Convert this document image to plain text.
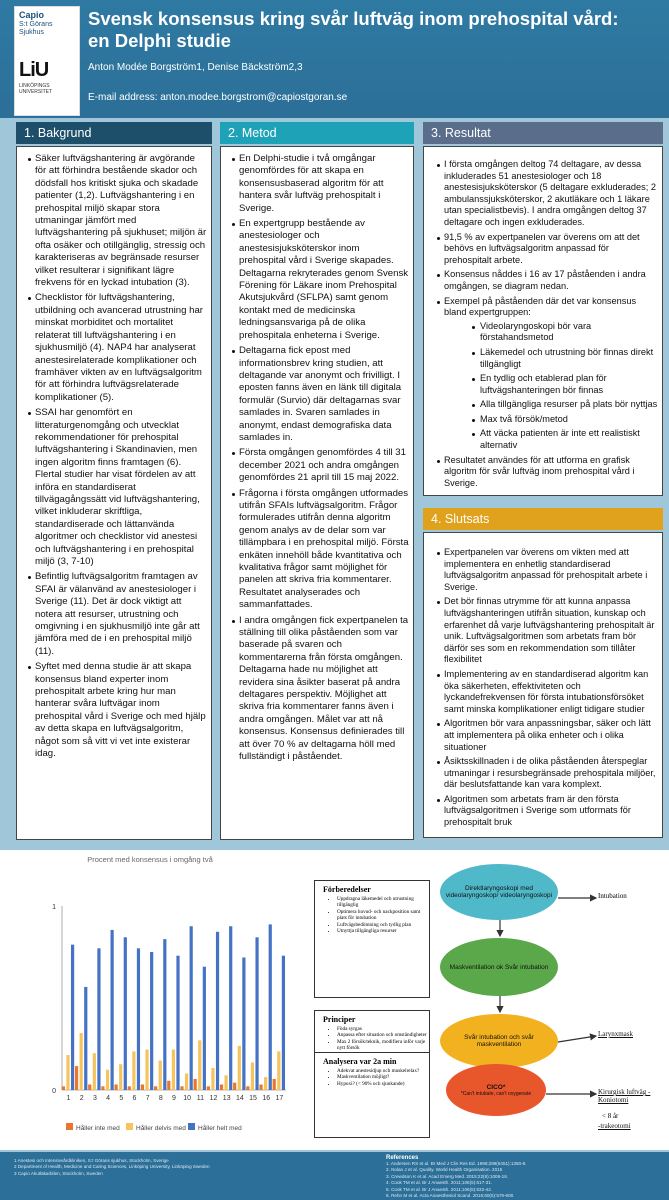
Capio
S:t Görans Sjukhus
LiU
LINKÖPINGS UNIVERSITET
Svensk konsensus kring svår luftväg inom prehospital vård:
en Delphi studie
Anton Modée Borgström1, Denise Bäckström2,3
E-mail address: anton.modee.borgstrom@capiostgoran.se
1. Bakgrund
Säker luftvägshantering är avgörande för att förhindra bestående skador och dödsfall hos kritiskt sjuka och skadade patienter (1,2). Luftvägshantering i en prehospital miljö skapar stora utmaningar jämfört med luftvägshantering på sjukhuset; miljön är ofta osäker och otillgänglig, stressig och karakteriseras av begränsade resurser vilket resulterar i signifikant lägre frekvens för en lyckad intubation (3).
Checklistor för luftvägshantering, utbildning och avancerad utrustning har minskat morbiditet och mortalitet relaterat till luftvägshantering i en sjukhusmiljö (4). NAP4 har analyserat anestesirelaterade komplikationer och framhäver vikten av en luftvägsalgoritm för att förhindra luftvägsrelaterade komplikationer (5).
SSAI har genomfört en litteraturgenomgång och utvecklat rekommendationer för prehospital luftvägshantering i Skandinavien, men ingen algoritm finns framtagen (6). Flertal studier har visat fördelen av att införa en standardiserat tillvägagångssätt vid luftvägshantering, vilket inkluderar skriftliga, standardiserade och lättanvända algoritmer och checklistor vid anestesi och luftvägshantering i en prehospital miljö (3, 7-10)
Befintlig luftvägsalgoritm framtagen av SFAI är välanvänd av anestesiologer i Sverige (11). Det är dock viktigt att notera att resurser, utrustning och omgivning i en sjukhusmiljö inte går att jämföra med de i en prehospital miljö (11).
Syftet med denna studie är att skapa konsensus bland experter inom prehospitalt arbete kring hur man hanterar svåra luftvägar inom prehospital vård i Sverige och med hjälp av detta skapa en luftvägsalgoritm, något som så vitt vi vet inte existerar idag.
2. Metod
En Delphi-studie i två omgångar genomfördes för att skapa en konsensusbaserad algoritm för att hantera svår luftväg prehospitalt i Sverige.
En expertgrupp bestående av anestesiologer och anestesisjuksköterskor inom prehospital vård i Sverige skapades. Deltagarna rekryterades genom Svensk Förening för Läkare inom Prehospital Akutsjukvård (SFLPA) samt genom kontakt med de medicinska ledningsansvariga på de olika prehospitala enheterna i Sverige.
Deltagarna fick epost med informationsbrev kring studien, att deltagande var anonymt och frivilligt. I eposten fanns även en länk till digitala formulär (Survio) där deltagarnas svar samlades in. Svaren samlades in anonymt, endast demografiska data samlades in.
Första omgången genomfördes 4 till 31 december 2021 och andra omgången genomfördes 21 april till 15 maj 2022.
Frågorna i första omgången utformades utifrån SFAIs luftvägsalgoritm. Frågor formulerades utifrån denna algoritm genom analys av de delar som var tillämpbara i en prehospital miljö. Första enkäten innehöll både kvantitativa och kvalitativa frågor samt möjlighet för panelen att skriva fria kommentarer. Resultatet analyserades och sammanfattades.
I andra omgången fick expertpanelen ta ställning till olika påståenden som var baserade på svaren och kommentarerna från första omgången. Deltagarna hade nu möjlighet att revidera sina åsikter baserat på andra deltagares perspektiv. Möjlighet att skriva fria kommentarer fanns även i andra omgången. Målet var att nå konsensus. Konsensus definierades till att över 70 % av deltagarna höll med fullständigt i påståendet.
3. Resultat
I första omgången deltog 74 deltagare, av dessa inkluderades 51 anestesiologer och 18 anestesisjuksköterskor (5 deltagare exkluderades; 2 ambulanssjuksköterskor, 2 akutläkare och 1 läkare utan specialistbevis). I andra omgången deltog 37 deltagare och ingen exkluderades.
91,5 % av expertpanelen var överens om att det behövs en luftvägsalgoritm anpassad för prehospitalt arbete.
Konsensus nåddes i 16 av 17 påståenden i andra omgången, se diagram nedan.
Exempel på påståenden där det var konsensus bland expertgruppen:
Videolaryngoskopi bör vara förstahandsmetod
Läkemedel och utrustning bör finnas direkt tillgängligt
En tydlig och etablerad plan för luftvägshanteringen bör finnas
Alla tillgängliga resurser på plats bör nyttjas
Max två försök/metod
Att väcka patienten är inte ett realistiskt alternativ
Resultatet användes för att utforma en grafisk algoritm för svår luftväg inom prehospital vård i Sverige.
4. Slutsats
Expertpanelen var överens om vikten med att implementera en enhetlig standardiserad luftvägsalgoritm anpassad för prehospitalt arbete i Sverige.
Det bör finnas utrymme för att kunna anpassa luftvägshanteringen utifrån situation, kunskap och erfarenhet då varje luftvägshantering prehospitalt är unik. Luftvägsalgoritmen som arbetats fram bör därför ses som en rekommendation som tillåter flexibilitet
Implementering av en standardiserad algoritm kan öka säkerheten, effektiviteten och lyckandefrekvensen för första intubationsförsöket samt minska komplikationer enligt tidigare studier
Algoritmen bör vara anpassningsbar, säker och lätt att implementera på olika enheter och i olika situationer
Åsiktsskillnaden i de olika påståenden återspeglar utmaningar i resursbegränsade prehospitala miljöer, där beslutsfattande kan vara komplext.
Algoritmen som arbetats fram är den första luftvägsalgoritmen i Sverige som utformats för prehospitalt bruk
Procent med konsensus i omgång två
1
0
1 2 3 4 5 6 7 8 9 10 11 12 13 14 15 16 17
Håller inte med	Håller delvis med Håller helt med
Förberedelser
• Uppdragna läkemedel och utrustning tillgänglig
• Optimera huvud- och nackposition samt plats för intubation
• Luftvägsbedömning och tydlig plan
• Utnyttja tillgängliga resurser
Principer
• Föda syrgas
• Anpassa efter situation och omständigheter
• Max 2 försök/teknik, modifiera inför varje nytt försök
Analysera var 2a min
• Adekvat anestesidjup och muskelrelax?
• Maskventilation möjligt?
• Hypoxi? (< 90% och sjunkande)
Direktlaryngoskopi med videolaryngoskop/ videolaryngoskopi
Maskventilation ok Svår intubation
Svår intubation och svår maskventilation
CICO*
*Can't intubate, can't oxygenate
Intubation
Larynxmask
Kirurgisk luftväg -Koniotomi
< 8 år
-trakeotomi
1 Anestesi och Intensivvårdkliniken, S:t Görans sjukhus, Stockholm, Sverige
2 Department of Health, Medicine and Caring Sciences, Linköping University, Linköping Sweden
3 Capio Akutläkarbilen, Stockholm, Sweden
References
1. Andersen RS et al. Br Med J Clin Res Ed. 1998;289(6451):1350-8.
2. Nolan J et al. Quality. World Health Organisation. 2015
3. Crewdson K et al. Acad Emerg Med. 2015;22(8):1006-18.
4. Cook TM et al. Br J Anaesth. 2011;106(5):617-31.
5. Cook TM et al. Br J Anaesth. 2011;106(5):632-42.
6. Rehn M et al. Acta Anaesthesiol Scand. 2016;60(5):579-600.
